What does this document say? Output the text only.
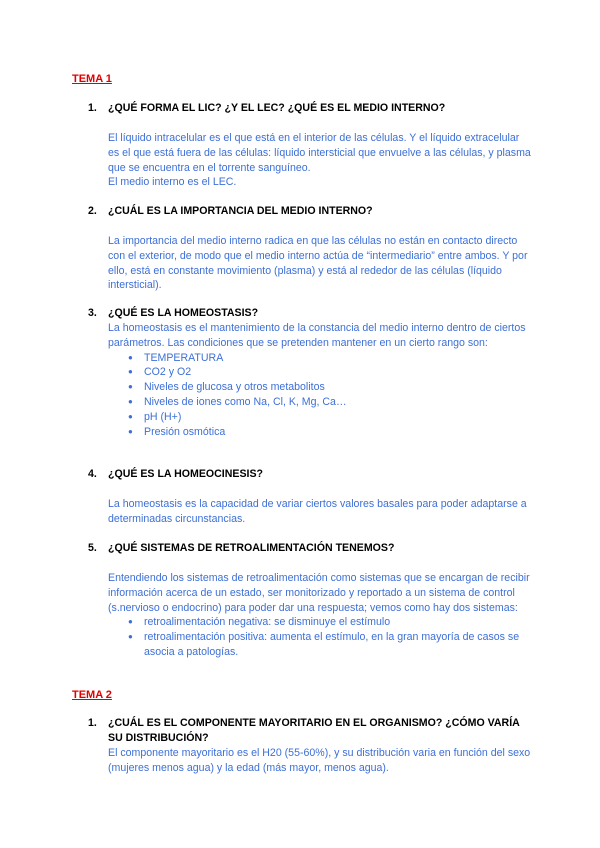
TEMA 1
1. ¿QUÉ FORMA EL LIC? ¿Y EL LEC? ¿QUÉ ES EL MEDIO INTERNO?

El líquido intracelular es el que está en el interior de las células. Y el líquido extracelular es el que está fuera de las células: líquido intersticial que envuelve a las células, y plasma que se encuentra en el torrente sanguíneo.

El medio interno es el LEC.

2. ¿CUÁL ES LA IMPORTANCIA DEL MEDIO INTERNO?

La importancia del medio interno radica en que las células no están en contacto directo con el exterior, de modo que el medio interno actúa de “intermediario” entre ambos. Y por ello, está en constante movimiento (plasma) y está al rededor de las células (líquido intersticial).

3. ¿QUÉ ES LA HOMEOSTASIS?

La homeostasis es el mantenimiento de la constancia del medio interno dentro de ciertos parámetros. Las condiciones que se pretenden mantener en un cierto rango son:

● TEMPERATURA
● CO2 y O2
● Niveles de glucosa y otros metabolitos
● Niveles de iones como Na, Cl, K, Mg, Ca…
● pH (H+)
● Presión osmótica
4. ¿QUÉ ES LA HOMEOCINESIS?

La homeostasis es la capacidad de variar ciertos valores basales para poder adaptarse a determinadas circunstancias.

5. ¿QUÉ SISTEMAS DE RETROALIMENTACIÓN TENEMOS?

Entendiendo los sistemas de retroalimentación como sistemas que se encargan de recibir información acerca de un estado, ser monitorizado y reportado a un sistema de control (s.nervioso o endocrino) para poder dar una respuesta; vemos como hay dos sistemas:

● retroalimentación negativa: se disminuye el estímulo
● retroalimentación positiva: aumenta el estímulo, en la gran mayoría de casos se asocia a patologías.
TEMA 2
1. ¿CUÁL ES EL COMPONENTE MAYORITARIO EN EL ORGANISMO? ¿CÓMO VARÍA SU DISTRIBUCIÓN?

El componente mayoritario es el H20 (55-60%), y su distribución varia en función del sexo (mujeres menos agua) y la edad (más mayor, menos agua).
